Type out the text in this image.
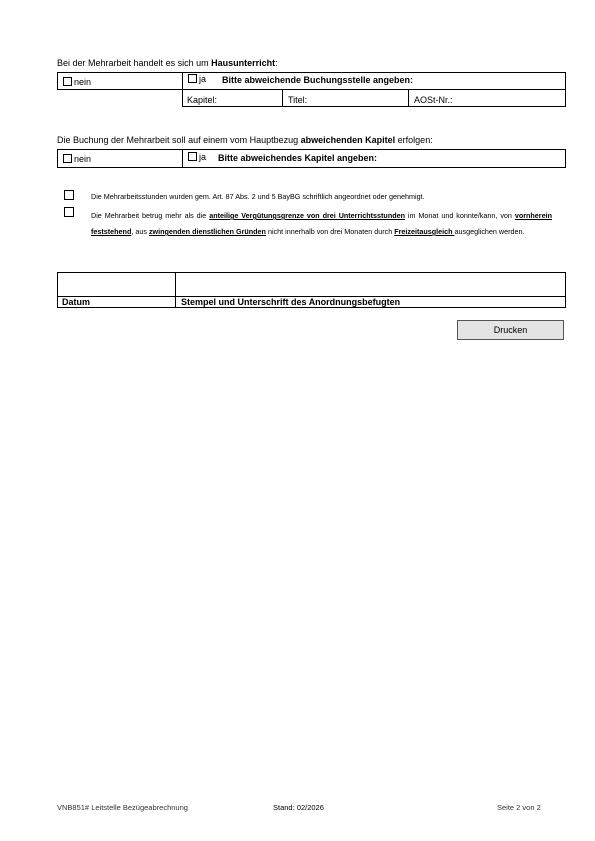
Bei der Mehrarbeit handelt es sich um Hausunterricht:
nein	ja Bitte abweichende Buchungsstelle angeben:
Kapitel:	Titel:	AOSt-Nr.:
Die Buchung der Mehrarbeit soll auf einem vom Hauptbezug abweichenden Kapitel erfolgen:
nein	ja Bitte abweichendes Kapitel angeben:
Die Mehrarbeitsstunden wurden gem. Art. 87 Abs. 2 und 5 BayBG schriftlich angeordnet oder genehmigt.
Die Mehrarbeit betrug mehr als die anteilige Vergütungsgrenze von drei Unterrichtsstunden im Monat und konnte/kann, von vornherein feststehend, aus zwingenden dienstlichen Gründen nicht innerhalb von drei Monaten durch Freizeitausgleich ausgeglichen werden.
Datum	Stempel und Unterschrift des Anordnungsbefugten
Drucken
VNB851# Leitstelle Bezügeabrechnung	Stand: 02/2026	Seite 2 von 2
